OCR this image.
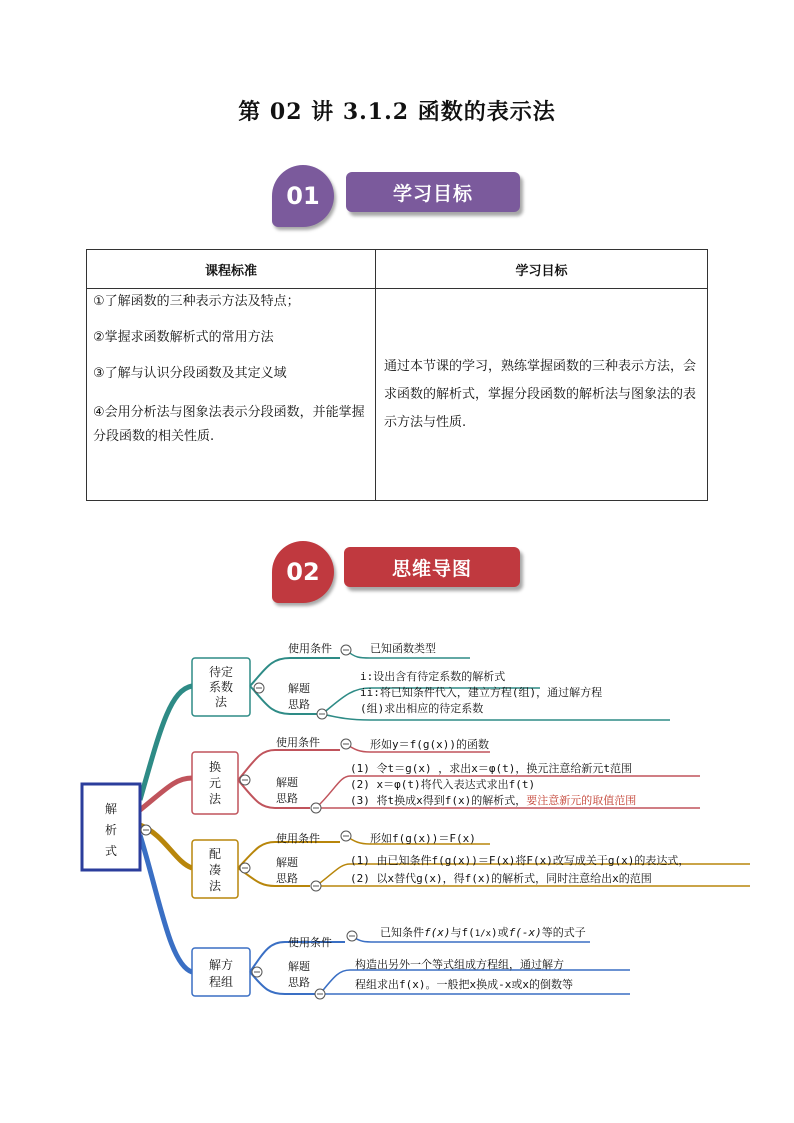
第 02 讲 3.1.2 函数的表示法
01	学习目标
课程标准	学习目标

①了解函数的三种表示方法及特点；
②掌握求函数解析式的常用方法
③了解与认识分段函数及其定义域
④会用分析法与图象法表示分段函数，并能掌握分段函数的相关性质.	通过本节课的学习，熟练掌握函数的三种表示方法，会求函数的解析式，掌握分段函数的解析法与图象法的表示方法与性质.
02	思维导图
解
析
式
待定
系数
法
使用条件	已知函数类型
解题
思路
i:设出含有待定系数的解析式
ii:将已知条件代入，建立方程(组)，通过解方程
(组)求出相应的待定系数
换
元
法
使用条件	形如y＝f(g(x))的函数
解题
思路
(1) 令t＝g(x) ，求出x＝φ(t)，换元注意给新元t范围
(2) x＝φ(t)将代入表达式求出f(t)
(3) 将t换成x得到f(x)的解析式，要注意新元的取值范围
配
凑
法
使用条件	形如f(g(x))＝F(x)
解题
思路
(1) 由已知条件f(g(x))＝F(x)将F(x)改写成关于g(x)的表达式，
(2) 以x替代g(x)，得f(x)的解析式，同时注意给出x的范围
解方
程组
使用条件
已知条件f(x)与f(1/x)或f(-x)等的式子
解题
思路
构造出另外一个等式组成方程组，通过解方
程组求出f(x)。一般把x换成-x或x的倒数等
